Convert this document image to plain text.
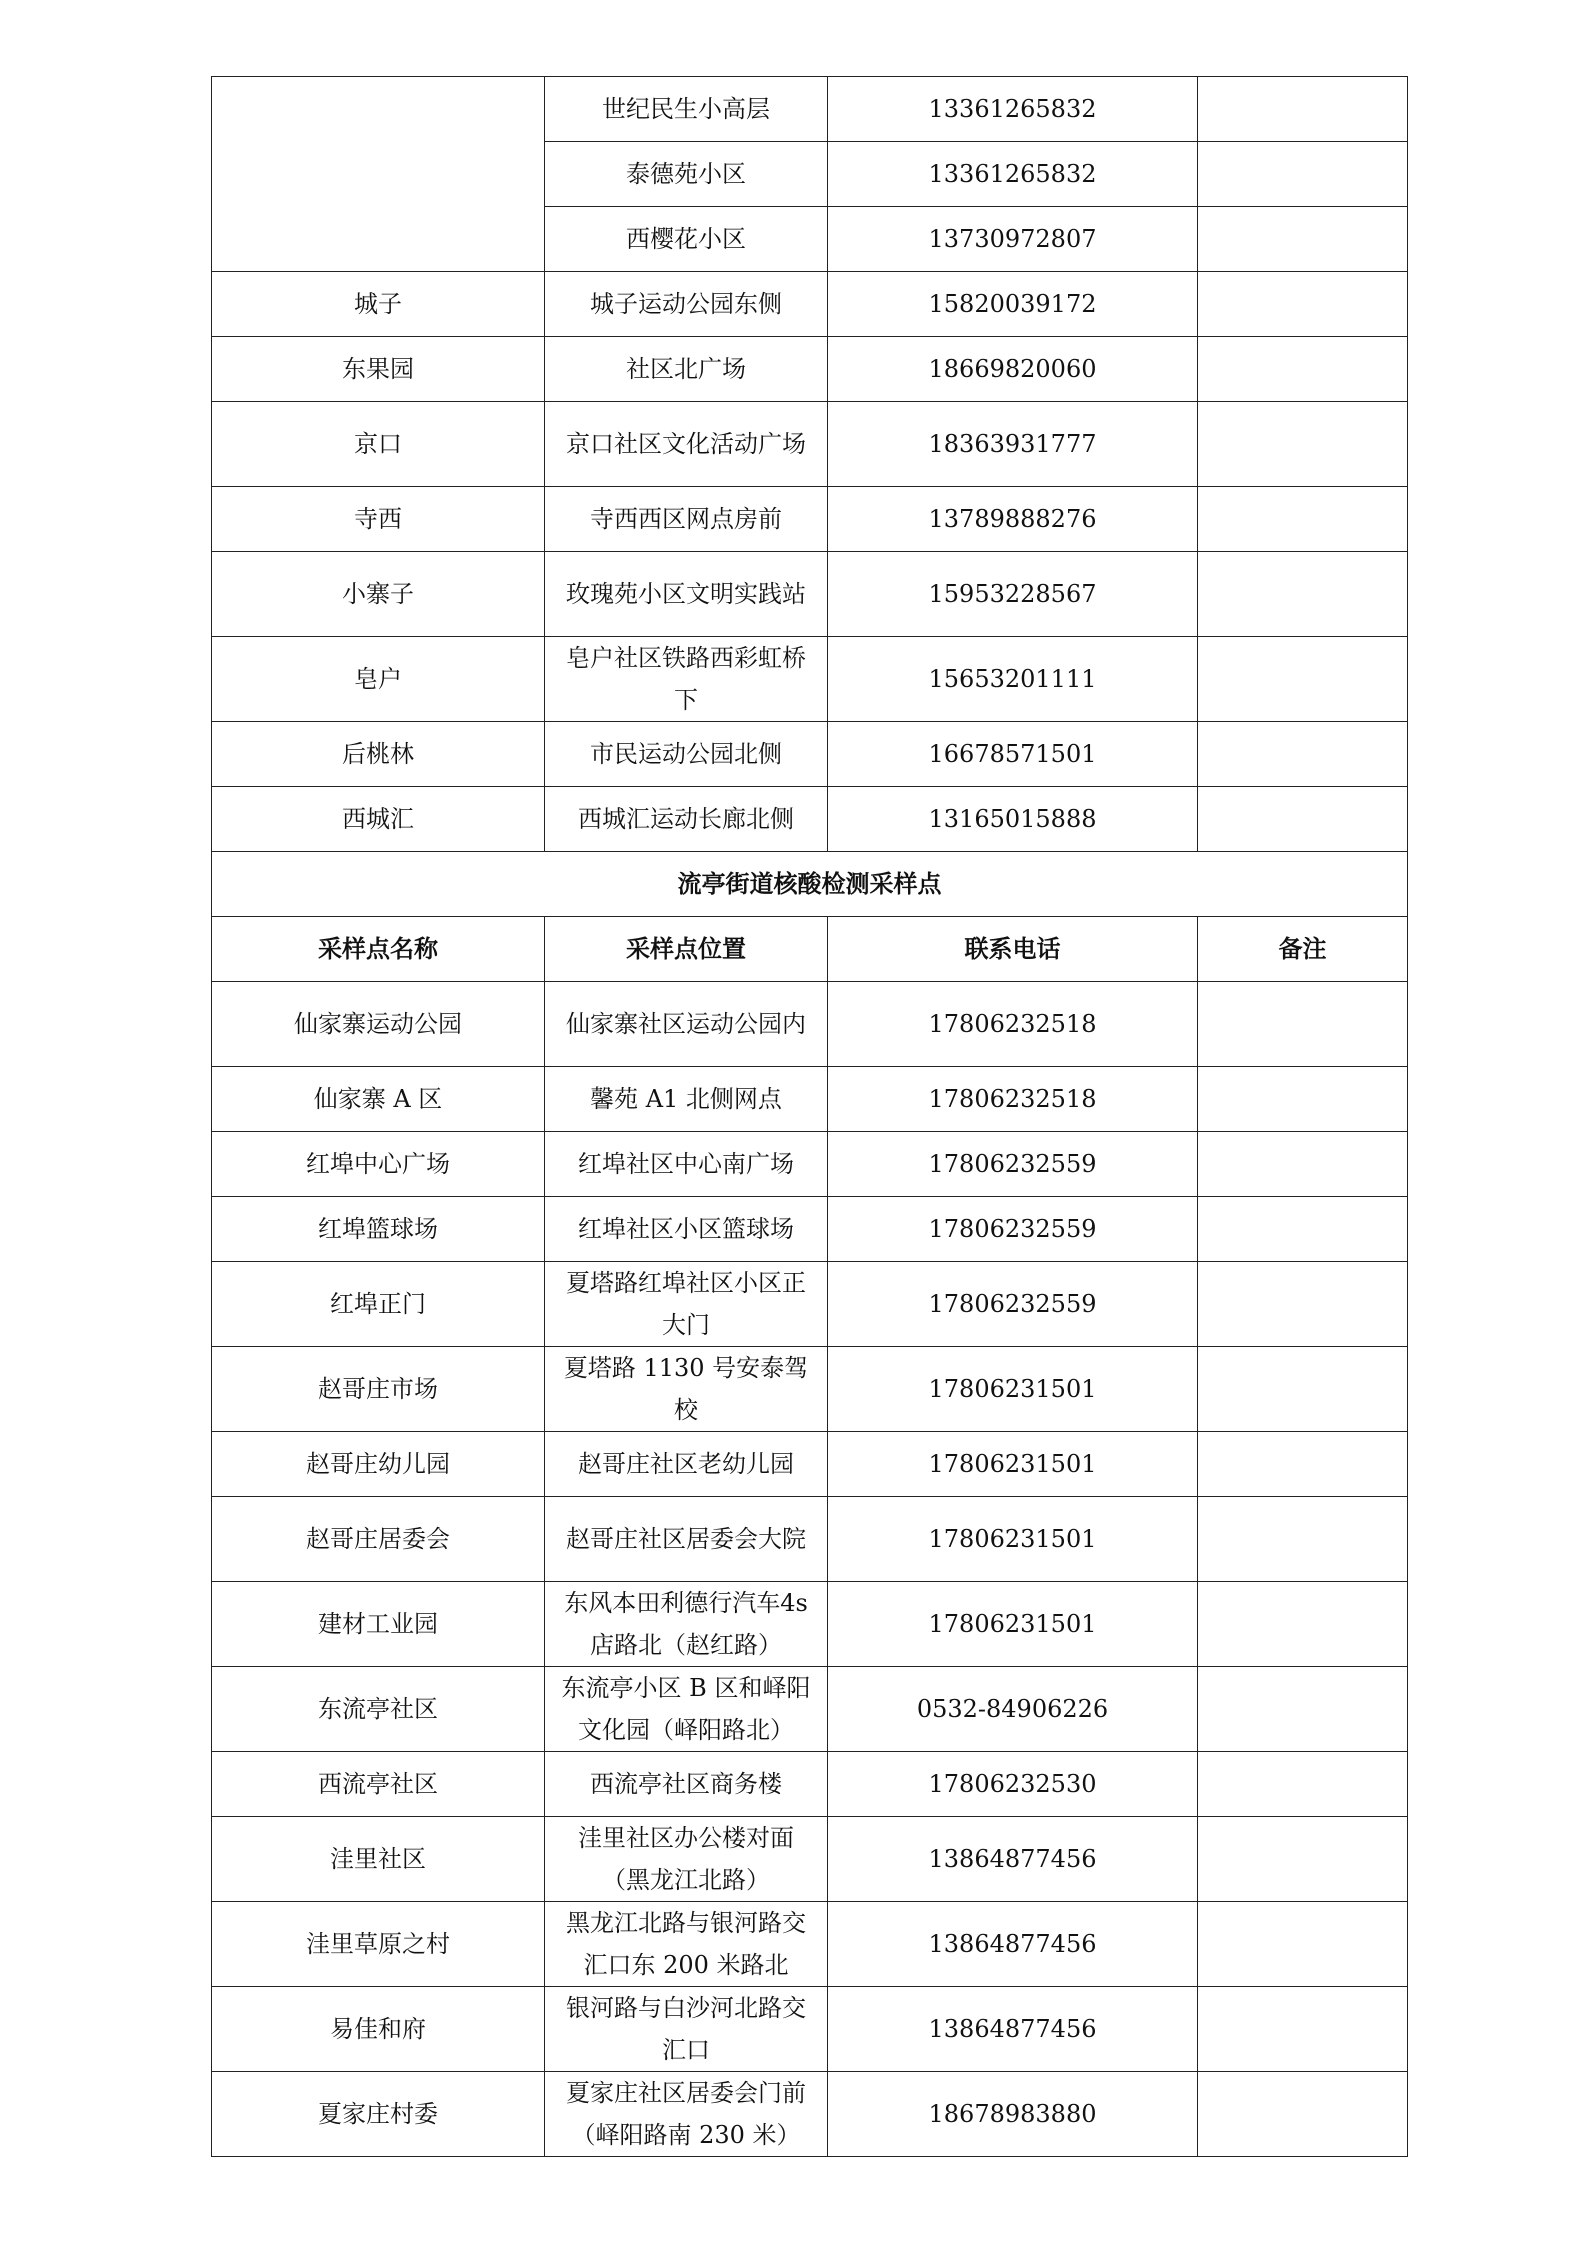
	世纪民生小高层	13361265832	
	泰德苑小区	13361265832	
	西樱花小区	13730972807	
城子	城子运动公园东侧	15820039172	
东果园	社区北广场	18669820060	
京口	京口社区文化活动广场	18363931777	
寺西	寺西西区网点房前	13789888276	
小寨子	玫瑰苑小区文明实践站	15953228567	
皂户	皂户社区铁路西彩虹桥下	15653201111	
后桃林	市民运动公园北侧	16678571501	
西城汇	西城汇运动长廊北侧	13165015888	
流亭街道核酸检测采样点			
采样点名称	采样点位置	联系电话	备注
仙家寨运动公园	仙家寨社区运动公园内	17806232518	
仙家寨 A 区	馨苑 A1 北侧网点	17806232518	
红埠中心广场	红埠社区中心南广场	17806232559	
红埠篮球场	红埠社区小区篮球场	17806232559	
红埠正门	夏塔路红埠社区小区正大门	17806232559	
赵哥庄市场	夏塔路 1130 号安泰驾校	17806231501	
赵哥庄幼儿园	赵哥庄社区老幼儿园	17806231501	
赵哥庄居委会	赵哥庄社区居委会大院	17806231501	
建材工业园	东风本田利德行汽车4s 店路北（赵红路）	17806231501	
东流亭社区	东流亭小区 B 区和峄阳文化园（峄阳路北）	0532-84906226	
西流亭社区	西流亭社区商务楼	17806232530	
洼里社区	洼里社区办公楼对面（黑龙江北路）	13864877456	
洼里草原之村	黑龙江北路与银河路交汇口东 200 米路北	13864877456	
易佳和府	银河路与白沙河北路交汇口	13864877456	
夏家庄村委	夏家庄社区居委会门前（峄阳路南 230 米）	18678983880	
